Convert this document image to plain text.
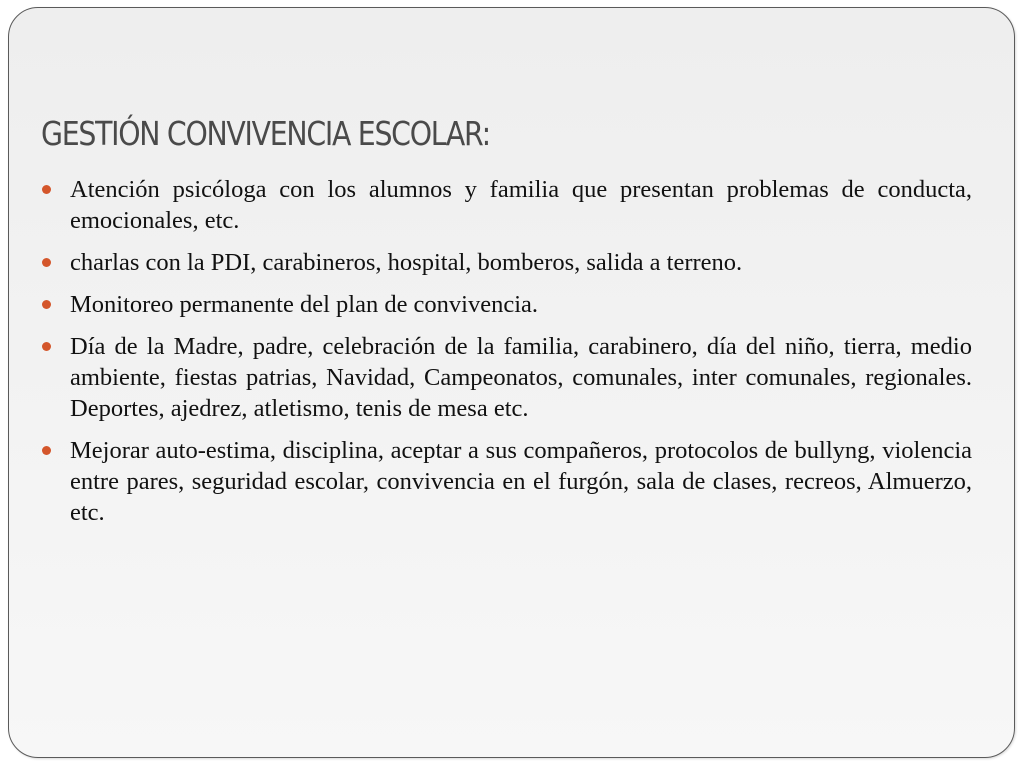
GESTIÓN CONVIVENCIA ESCOLAR:
Atención psicóloga con los alumnos y familia que presentan problemas de conducta, emocionales, etc.
charlas con la PDI, carabineros, hospital, bomberos, salida a terreno.
Monitoreo permanente del plan de convivencia.
Día de la Madre, padre, celebración de la familia, carabinero, día del niño, tierra, medio ambiente, fiestas patrias, Navidad, Campeonatos, comunales, inter comunales, regionales. Deportes, ajedrez, atletismo, tenis de mesa etc.
Mejorar auto-estima, disciplina, aceptar a sus compañeros, protocolos de bullyng, violencia entre pares, seguridad escolar, convivencia en el furgón, sala de clases, recreos, Almuerzo, etc.
